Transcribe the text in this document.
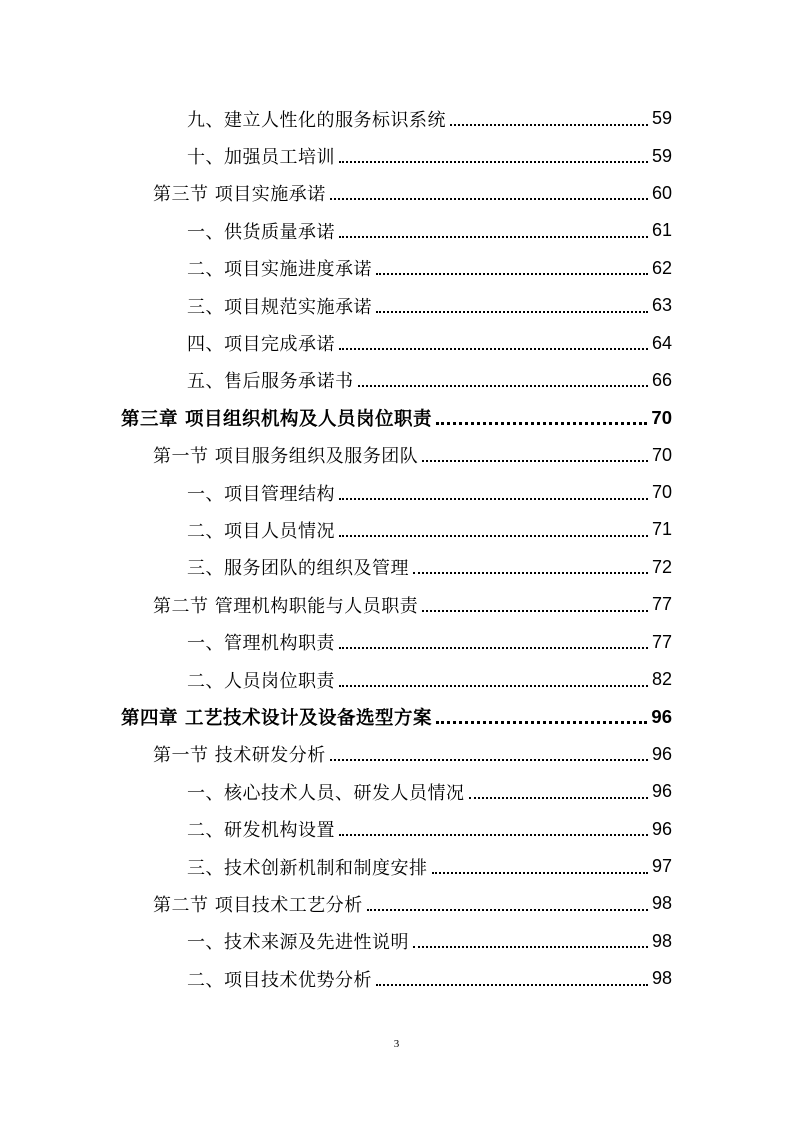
九、建立人性化的服务标识系统	59
十、加强员工培训	59
第三节 项目实施承诺	60
一、供货质量承诺	61
二、项目实施进度承诺	62
三、项目规范实施承诺	63
四、项目完成承诺	64
五、售后服务承诺书	66
第三章 项目组织机构及人员岗位职责	70
第一节 项目服务组织及服务团队	70
一、项目管理结构	70
二、项目人员情况	71
三、服务团队的组织及管理	72
第二节 管理机构职能与人员职责	77
一、管理机构职责	77
二、人员岗位职责	82
第四章 工艺技术设计及设备选型方案	96
第一节 技术研发分析	96
一、核心技术人员、研发人员情况	96
二、研发机构设置	96
三、技术创新机制和制度安排	97
第二节 项目技术工艺分析	98
一、技术来源及先进性说明	98
二、项目技术优势分析	98
3
